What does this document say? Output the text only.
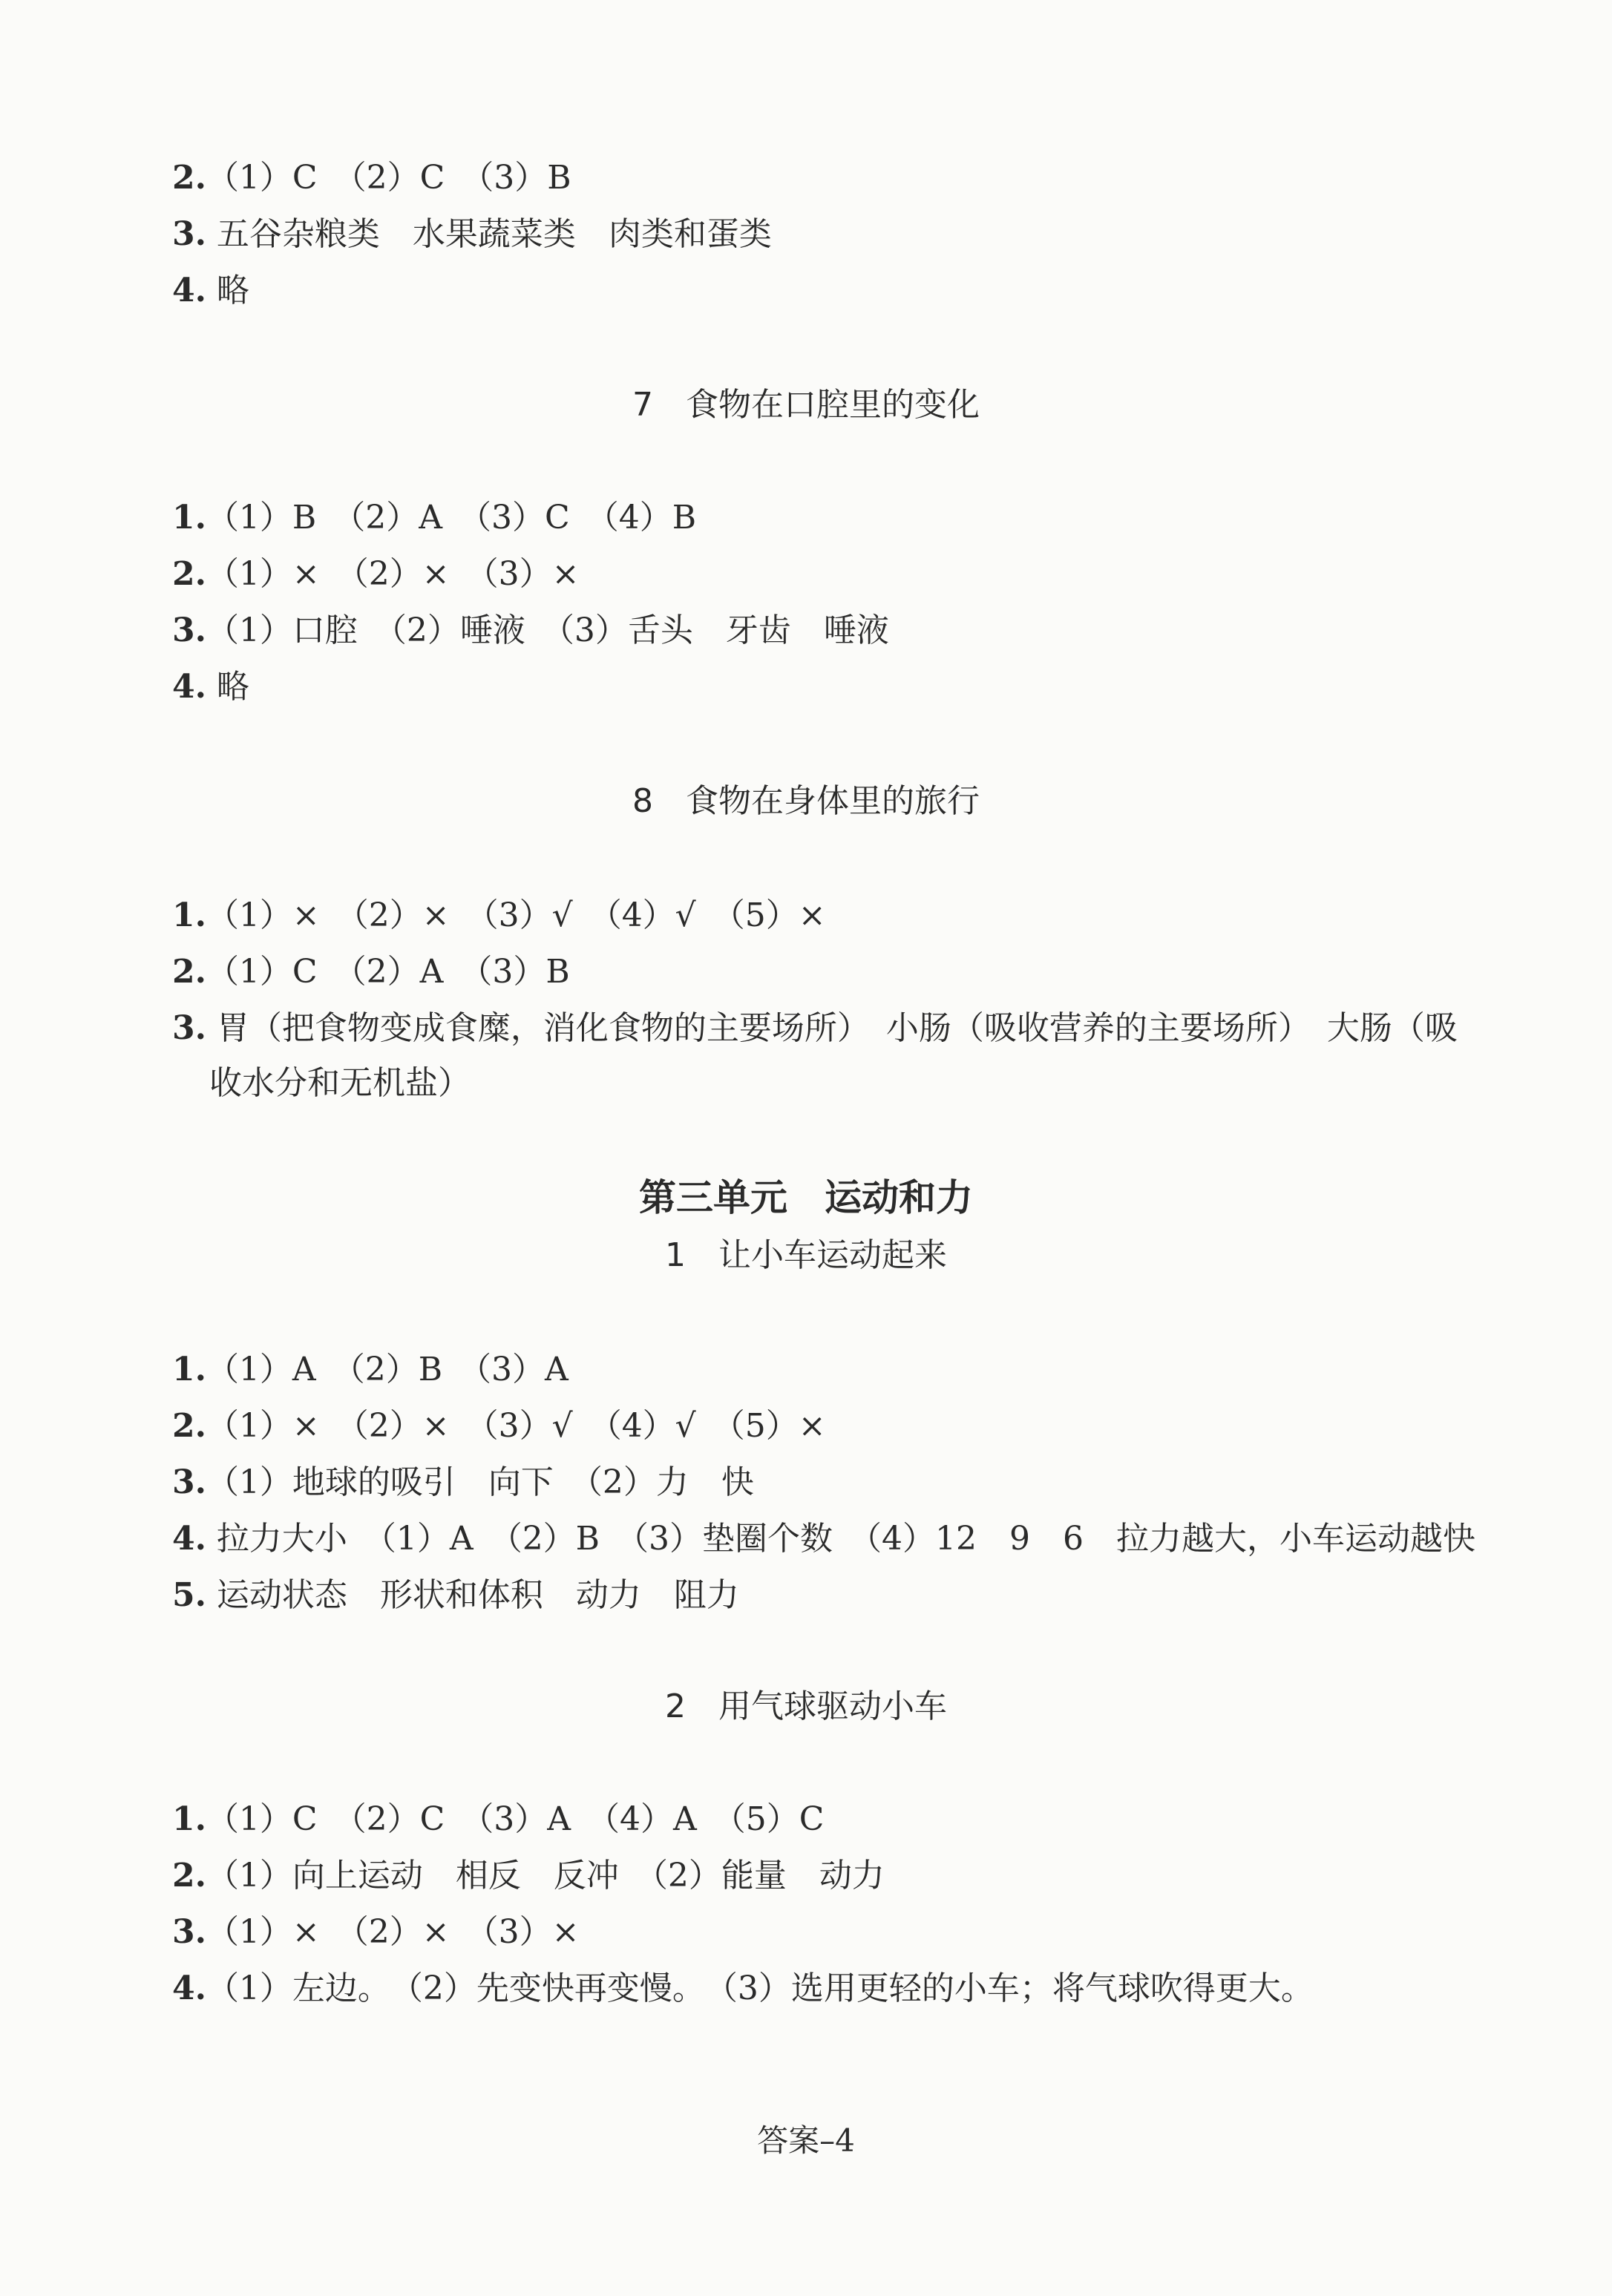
2.（1）C　（2）C　（3）B
3. 五谷杂粮类　水果蔬菜类　肉类和蛋类
4. 略
7　食物在口腔里的变化
1.（1）B　（2）A　（3）C　（4）B
2.（1）×　（2）×　（3）×
3.（1）口腔　（2）唾液　（3）舌头　牙齿　唾液
4. 略
8　食物在身体里的旅行
1.（1）×　（2）×　（3）√　（4）√　（5）×
2.（1）C　（2）A　（3）B
3. 胃（把食物变成食糜，消化食物的主要场所）　小肠（吸收营养的主要场所）　大肠（吸
收水分和无机盐）
第三单元　运动和力
1　让小车运动起来
1.（1）A　（2）B　（3）A
2.（1）×　（2）×　（3）√　（4）√　（5）×
3.（1）地球的吸引　向下　（2）力　快
4. 拉力大小　（1）A　（2）B　（3）垫圈个数　（4）12　9　6　拉力越大，小车运动越快
5. 运动状态　形状和体积　动力　阻力
2　用气球驱动小车
1.（1）C　（2）C　（3）A　（4）A　（5）C
2.（1）向上运动　相反　反冲　（2）能量　动力
3.（1）×　（2）×　（3）×
4.（1）左边。　（2）先变快再变慢。　（3）选用更轻的小车；将气球吹得更大。
答案–4
